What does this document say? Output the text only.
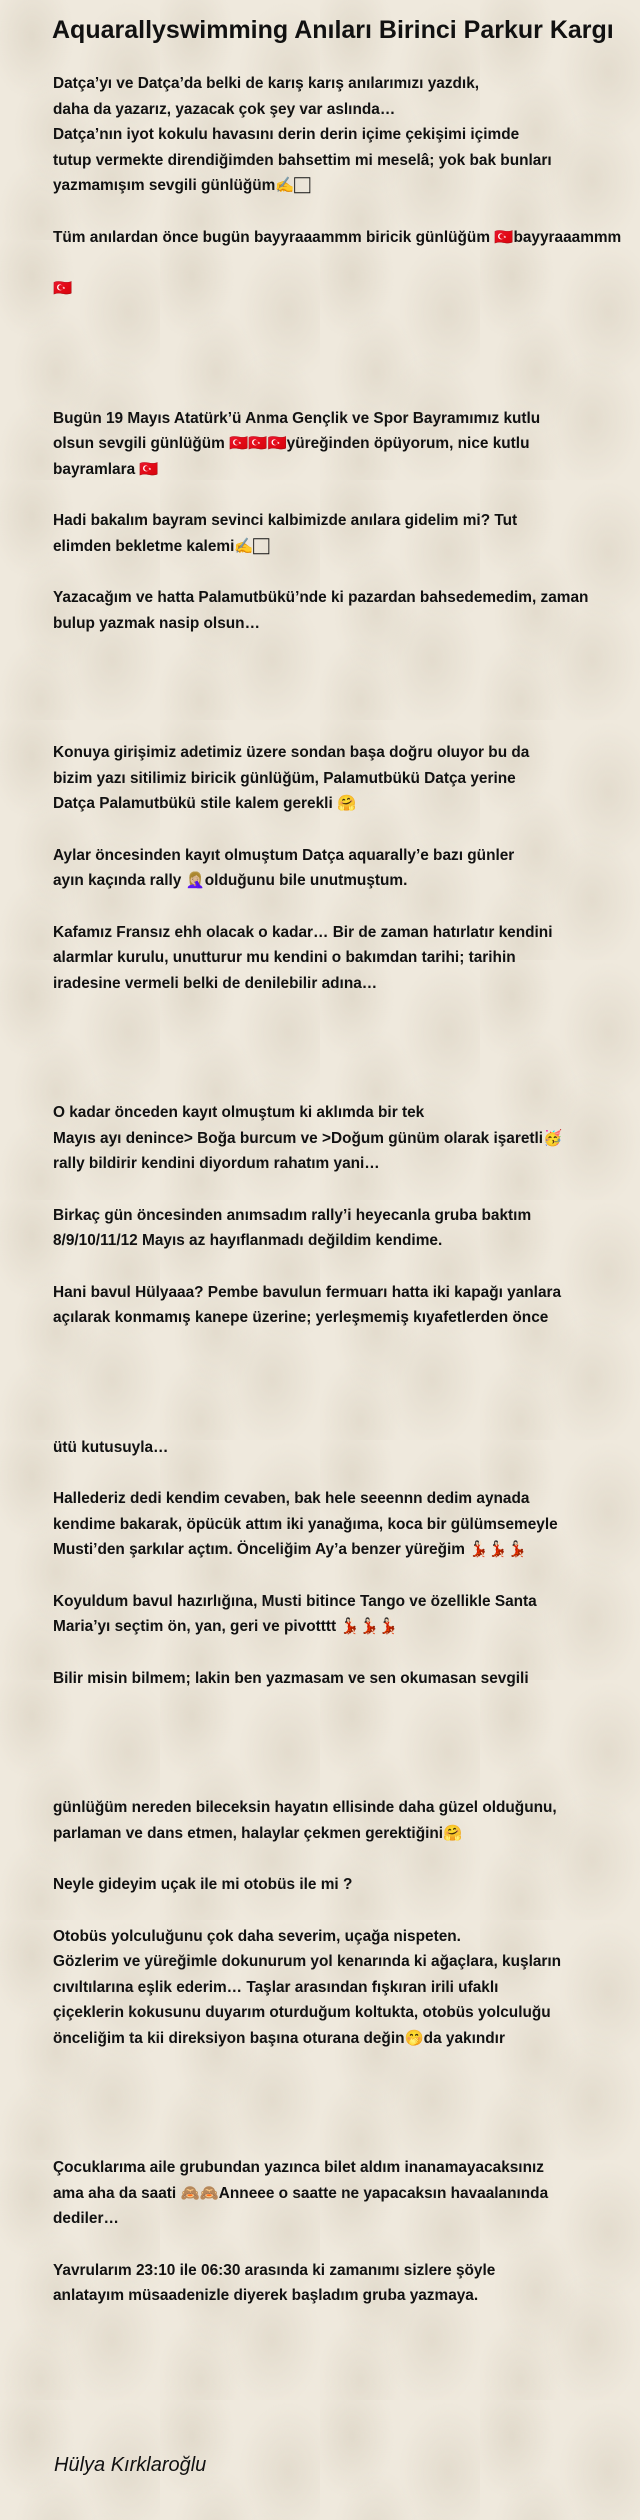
Aquarallyswimming Anıları Birinci Parkur Kargı
Datça’yı ve Datça’da belki de karış karış anılarımızı yazdık,
daha da yazarız, yazacak çok şey var aslında…
Datça’nın iyot kokulu havasını derin derin içime çekişimi içimde
tutup vermekte direndiğimden bahsettim mi meselâ; yok bak bunları
yazmamışım sevgili günlüğüm✍️🏻
Tüm anılardan önce bugün bayyraaammm biricik günlüğüm 🇹🇷bayyraaammm
🇹🇷
Bugün 19 Mayıs Atatürk’ü Anma Gençlik ve Spor Bayramımız kutlu
olsun sevgili günlüğüm 🇹🇷🇹🇷🇹🇷yüreğinden öpüyorum, nice kutlu
bayramlara 🇹🇷
Hadi bakalım bayram sevinci kalbimizde anılara gidelim mi? Tut
elimden bekletme kalemi✍️🏻
Yazacağım ve hatta Palamutbükü’nde ki pazardan bahsedemedim, zaman
bulup yazmak nasip olsun…
Konuya girişimiz adetimiz üzere sondan başa doğru oluyor bu da
bizim yazı sitilimiz biricik günlüğüm, Palamutbükü Datça yerine
Datça Palamutbükü stile kalem gerekli 🤗
Aylar öncesinden kayıt olmuştum Datça aquarally’e bazı günler
ayın kaçında rally 🤦🏼‍♀️olduğunu bile unutmuştum.
Kafamız Fransız ehh olacak o kadar… Bir de zaman hatırlatır kendini
alarmlar kurulu, unutturur mu kendini o bakımdan tarihi; tarihin
iradesine vermeli belki de denilebilir adına…
O kadar önceden kayıt olmuştum ki aklımda bir tek
Mayıs ayı denince> Boğa burcum ve >Doğum günüm olarak işaretli🥳
rally bildirir kendini diyordum rahatım yani…
Birkaç gün öncesinden anımsadım rally’i heyecanla gruba baktım
8/9/10/11/12 Mayıs az hayıflanmadı değildim kendime.
Hani bavul Hülyaaa? Pembe bavulun fermuarı hatta iki kapağı yanlara
açılarak konmamış kanepe üzerine; yerleşmemiş kıyafetlerden önce
ütü kutusuyla…
Hallederiz dedi kendim cevaben, bak hele seeennn dedim aynada
kendime bakarak, öpücük attım iki yanağıma, koca bir gülümsemeyle
Musti’den şarkılar açtım. Önceliğim Ay’a benzer yüreğim 💃🏻💃🏻💃🏻
Koyuldum bavul hazırlığına, Musti bitince Tango ve özellikle Santa
Maria’yı seçtim ön, yan, geri ve pivotttt 💃🏻💃🏻💃🏻
Bilir misin bilmem; lakin ben yazmasam ve sen okumasan sevgili
günlüğüm nereden bileceksin hayatın ellisinde daha güzel olduğunu,
parlaman ve dans etmen, halaylar çekmen gerektiğini🤗
Neyle gideyim uçak ile mi otobüs ile mi ?
Otobüs yolculuğunu çok daha severim, uçağa nispeten.
Gözlerim ve yüreğimle dokunurum yol kenarında ki ağaçlara, kuşların
cıvıltılarına eşlik ederim… Taşlar arasından fışkıran irili ufaklı
çiçeklerin kokusunu duyarım oturduğum koltukta, otobüs yolculuğu
önceliğim ta kii direksiyon başına oturana değin🤭da yakındır
Çocuklarıma aile grubundan yazınca bilet aldım inanamayacaksınız
ama aha da saati 🙈🙈Anneee o saatte ne yapacaksın havaalanında
dediler…
Yavrularım 23:10 ile 06:30 arasında ki zamanımı sizlere şöyle
anlatayım müsaadenizle diyerek başladım gruba yazmaya.
Hülya Kırklaroğlu
